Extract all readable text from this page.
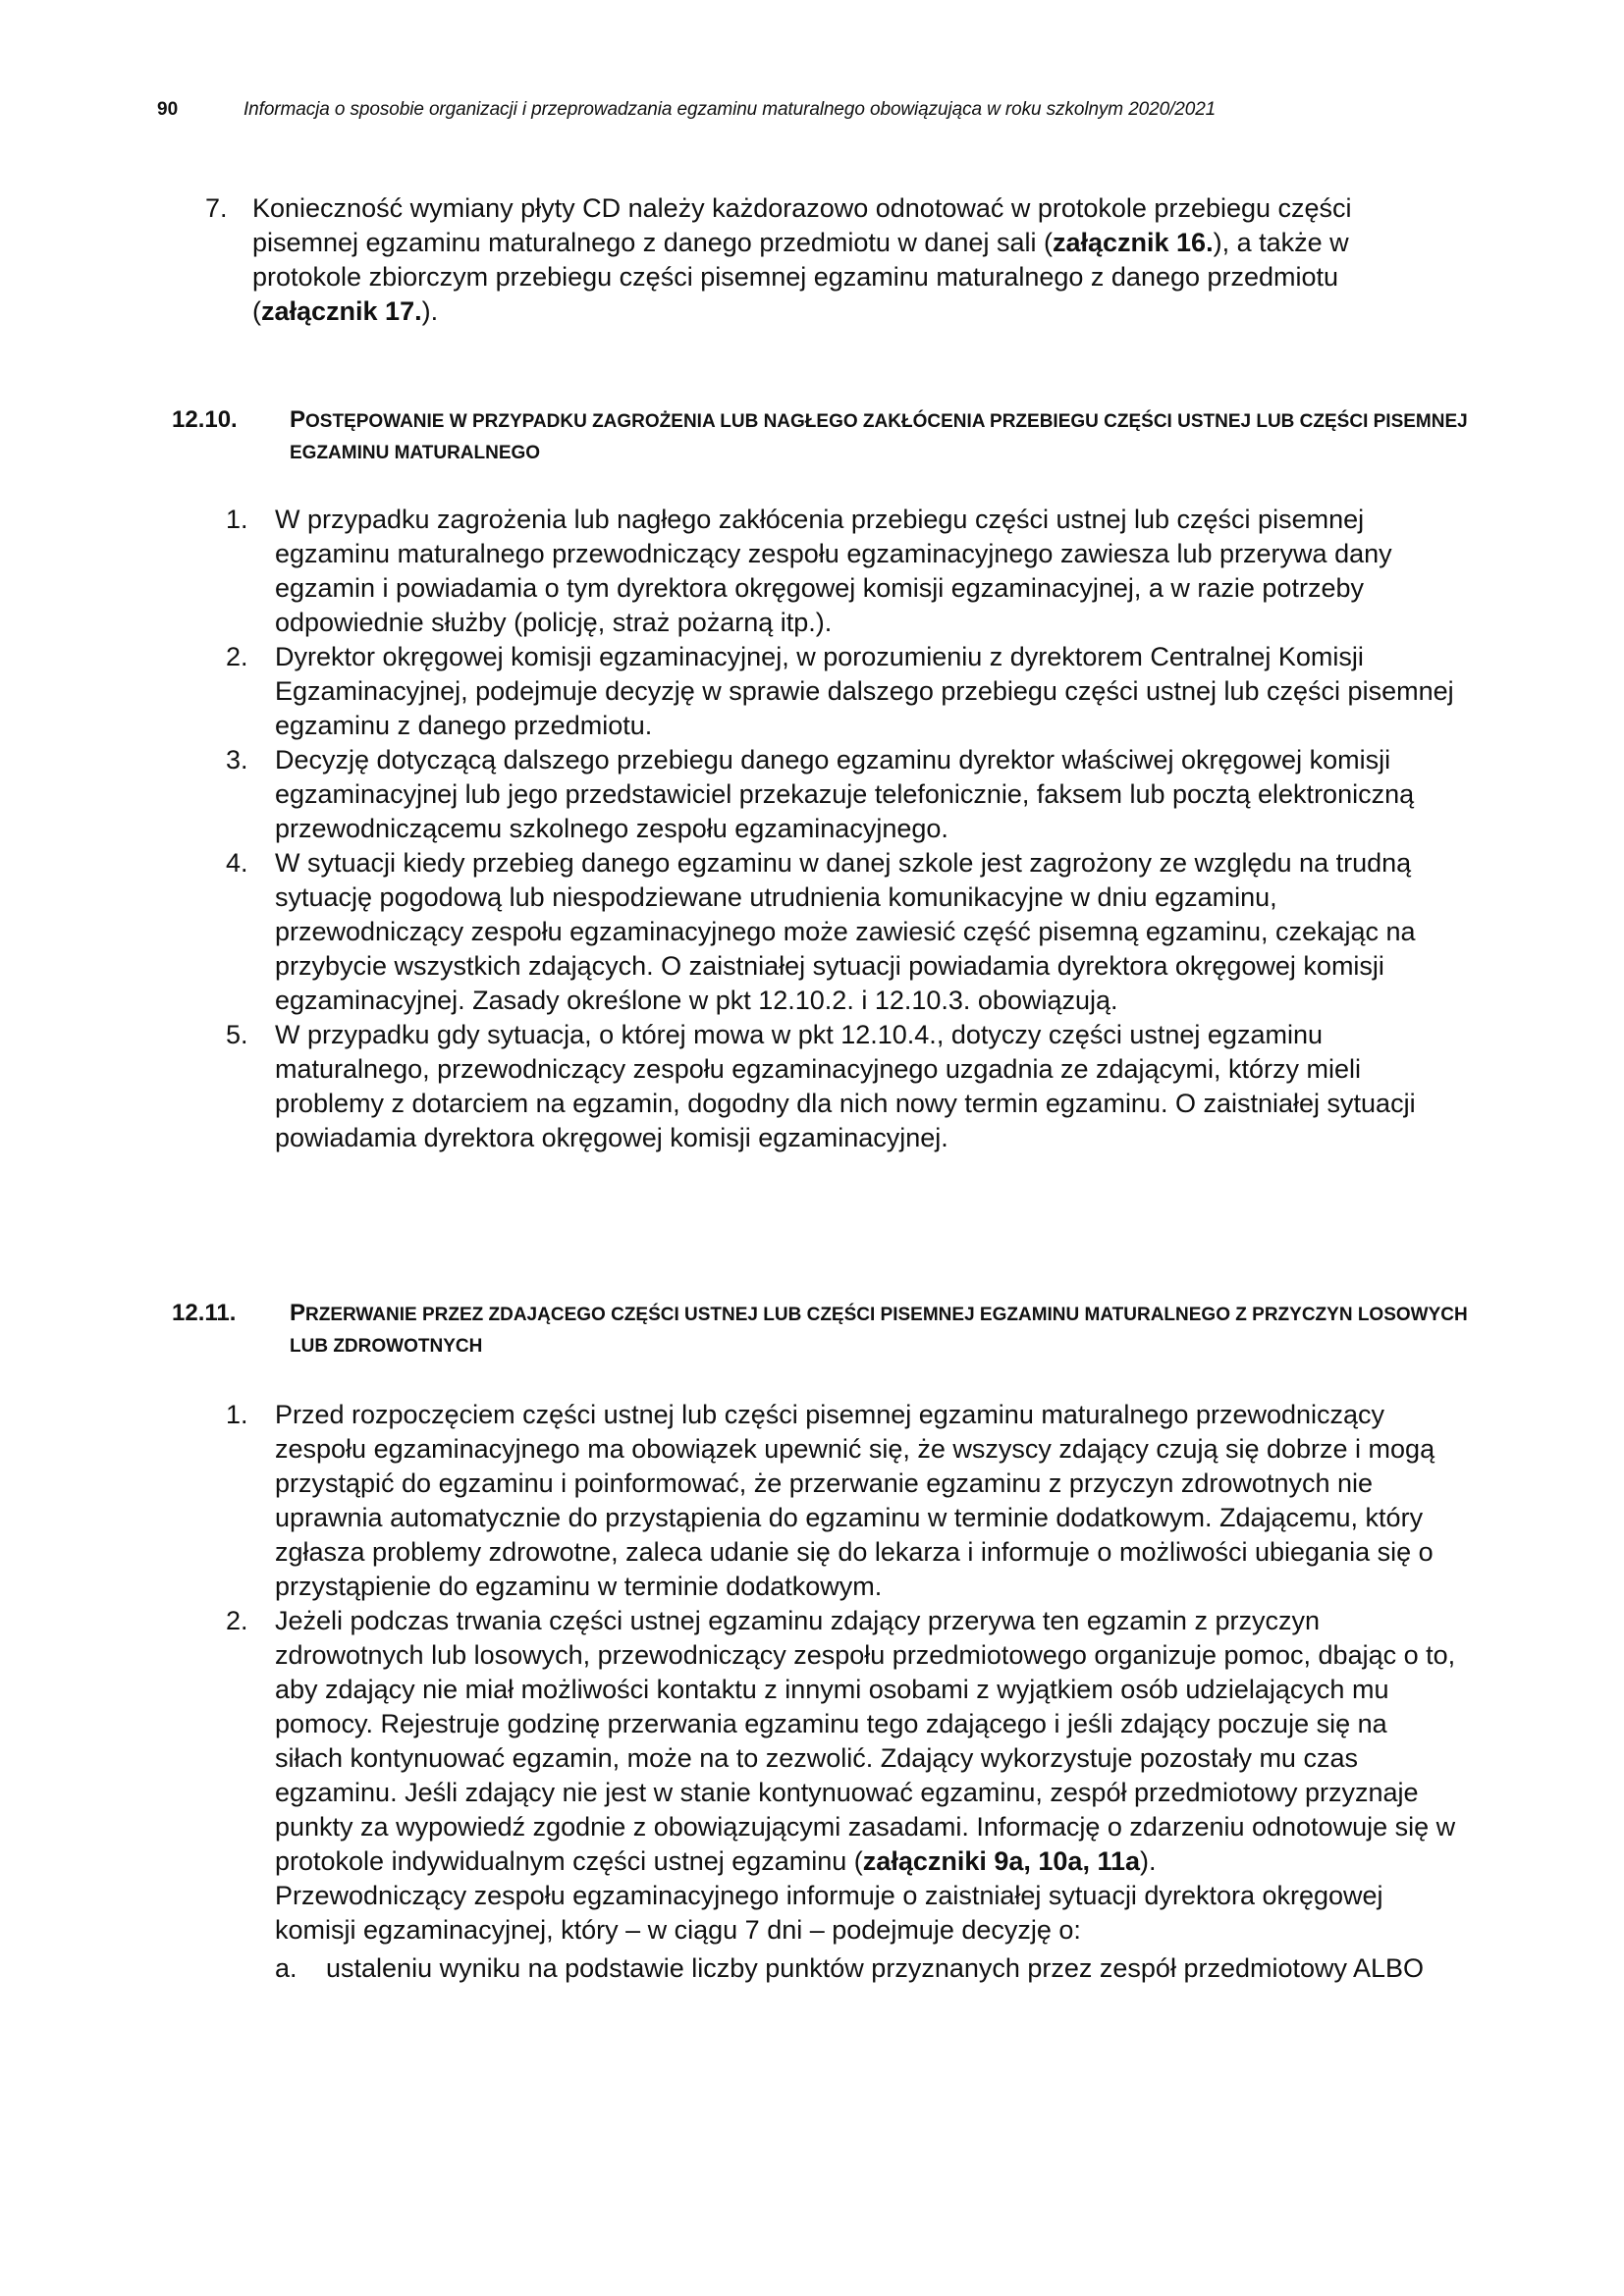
90	Informacja o sposobie organizacji i przeprowadzania egzaminu maturalnego obowiązująca w roku szkolnym 2020/2021
7. Konieczność wymiany płyty CD należy każdorazowo odnotować w protokole przebiegu części pisemnej egzaminu maturalnego z danego przedmiotu w danej sali (załącznik 16.), a także w protokole zbiorczym przebiegu części pisemnej egzaminu maturalnego z danego przedmiotu (załącznik 17.).
12.10. POSTĘPOWANIE W PRZYPADKU ZAGROŻENIA LUB NAGŁEGO ZAKŁÓCENIA PRZEBIEGU CZĘŚCI USTNEJ LUB CZĘŚCI PISEMNEJ EGZAMINU MATURALNEGO
1. W przypadku zagrożenia lub nagłego zakłócenia przebiegu części ustnej lub części pisemnej egzaminu maturalnego przewodniczący zespołu egzaminacyjnego zawiesza lub przerywa dany egzamin i powiadamia o tym dyrektora okręgowej komisji egzaminacyjnej, a w razie potrzeby odpowiednie służby (policję, straż pożarną itp.).
2. Dyrektor okręgowej komisji egzaminacyjnej, w porozumieniu z dyrektorem Centralnej Komisji Egzaminacyjnej, podejmuje decyzję w sprawie dalszego przebiegu części ustnej lub części pisemnej egzaminu z danego przedmiotu.
3. Decyzję dotyczącą dalszego przebiegu danego egzaminu dyrektor właściwej okręgowej komisji egzaminacyjnej lub jego przedstawiciel przekazuje telefonicznie, faksem lub pocztą elektroniczną przewodniczącemu szkolnego zespołu egzaminacyjnego.
4. W sytuacji kiedy przebieg danego egzaminu w danej szkole jest zagrożony ze względu na trudną sytuację pogodową lub niespodziewane utrudnienia komunikacyjne w dniu egzaminu, przewodniczący zespołu egzaminacyjnego może zawiesić część pisemną egzaminu, czekając na przybycie wszystkich zdających. O zaistniałej sytuacji powiadamia dyrektora okręgowej komisji egzaminacyjnej. Zasady określone w pkt 12.10.2. i 12.10.3. obowiązują.
5. W przypadku gdy sytuacja, o której mowa w pkt 12.10.4., dotyczy części ustnej egzaminu maturalnego, przewodniczący zespołu egzaminacyjnego uzgadnia ze zdającymi, którzy mieli problemy z dotarciem na egzamin, dogodny dla nich nowy termin egzaminu. O zaistniałej sytuacji powiadamia dyrektora okręgowej komisji egzaminacyjnej.
12.11. PRZERWANIE PRZEZ ZDAJĄCEGO CZĘŚCI USTNEJ LUB CZĘŚCI PISEMNEJ EGZAMINU MATURALNEGO Z PRZYCZYN LOSOWYCH LUB ZDROWOTNYCH
1. Przed rozpoczęciem części ustnej lub części pisemnej egzaminu maturalnego przewodniczący zespołu egzaminacyjnego ma obowiązek upewnić się, że wszyscy zdający czują się dobrze i mogą przystąpić do egzaminu i poinformować, że przerwanie egzaminu z przyczyn zdrowotnych nie uprawnia automatycznie do przystąpienia do egzaminu w terminie dodatkowym. Zdającemu, który zgłasza problemy zdrowotne, zaleca udanie się do lekarza i informuje o możliwości ubiegania się o przystąpienie do egzaminu w terminie dodatkowym.
2. Jeżeli podczas trwania części ustnej egzaminu zdający przerywa ten egzamin z przyczyn zdrowotnych lub losowych, przewodniczący zespołu przedmiotowego organizuje pomoc, dbając o to, aby zdający nie miał możliwości kontaktu z innymi osobami z wyjątkiem osób udzielających mu pomocy. Rejestruje godzinę przerwania egzaminu tego zdającego i jeśli zdający poczuje się na siłach kontynuować egzamin, może na to zezwolić. Zdający wykorzystuje pozostały mu czas egzaminu. Jeśli zdający nie jest w stanie kontynuować egzaminu, zespół przedmiotowy przyznaje punkty za wypowiedź zgodnie z obowiązującymi zasadami. Informację o zdarzeniu odnotowuje się w protokole indywidualnym części ustnej egzaminu (załączniki 9a, 10a, 11a).
Przewodniczący zespołu egzaminacyjnego informuje o zaistniałej sytuacji dyrektora okręgowej komisji egzaminacyjnej, który – w ciągu 7 dni – podejmuje decyzję o:
a. ustaleniu wyniku na podstawie liczby punktów przyznanych przez zespół przedmiotowy ALBO
